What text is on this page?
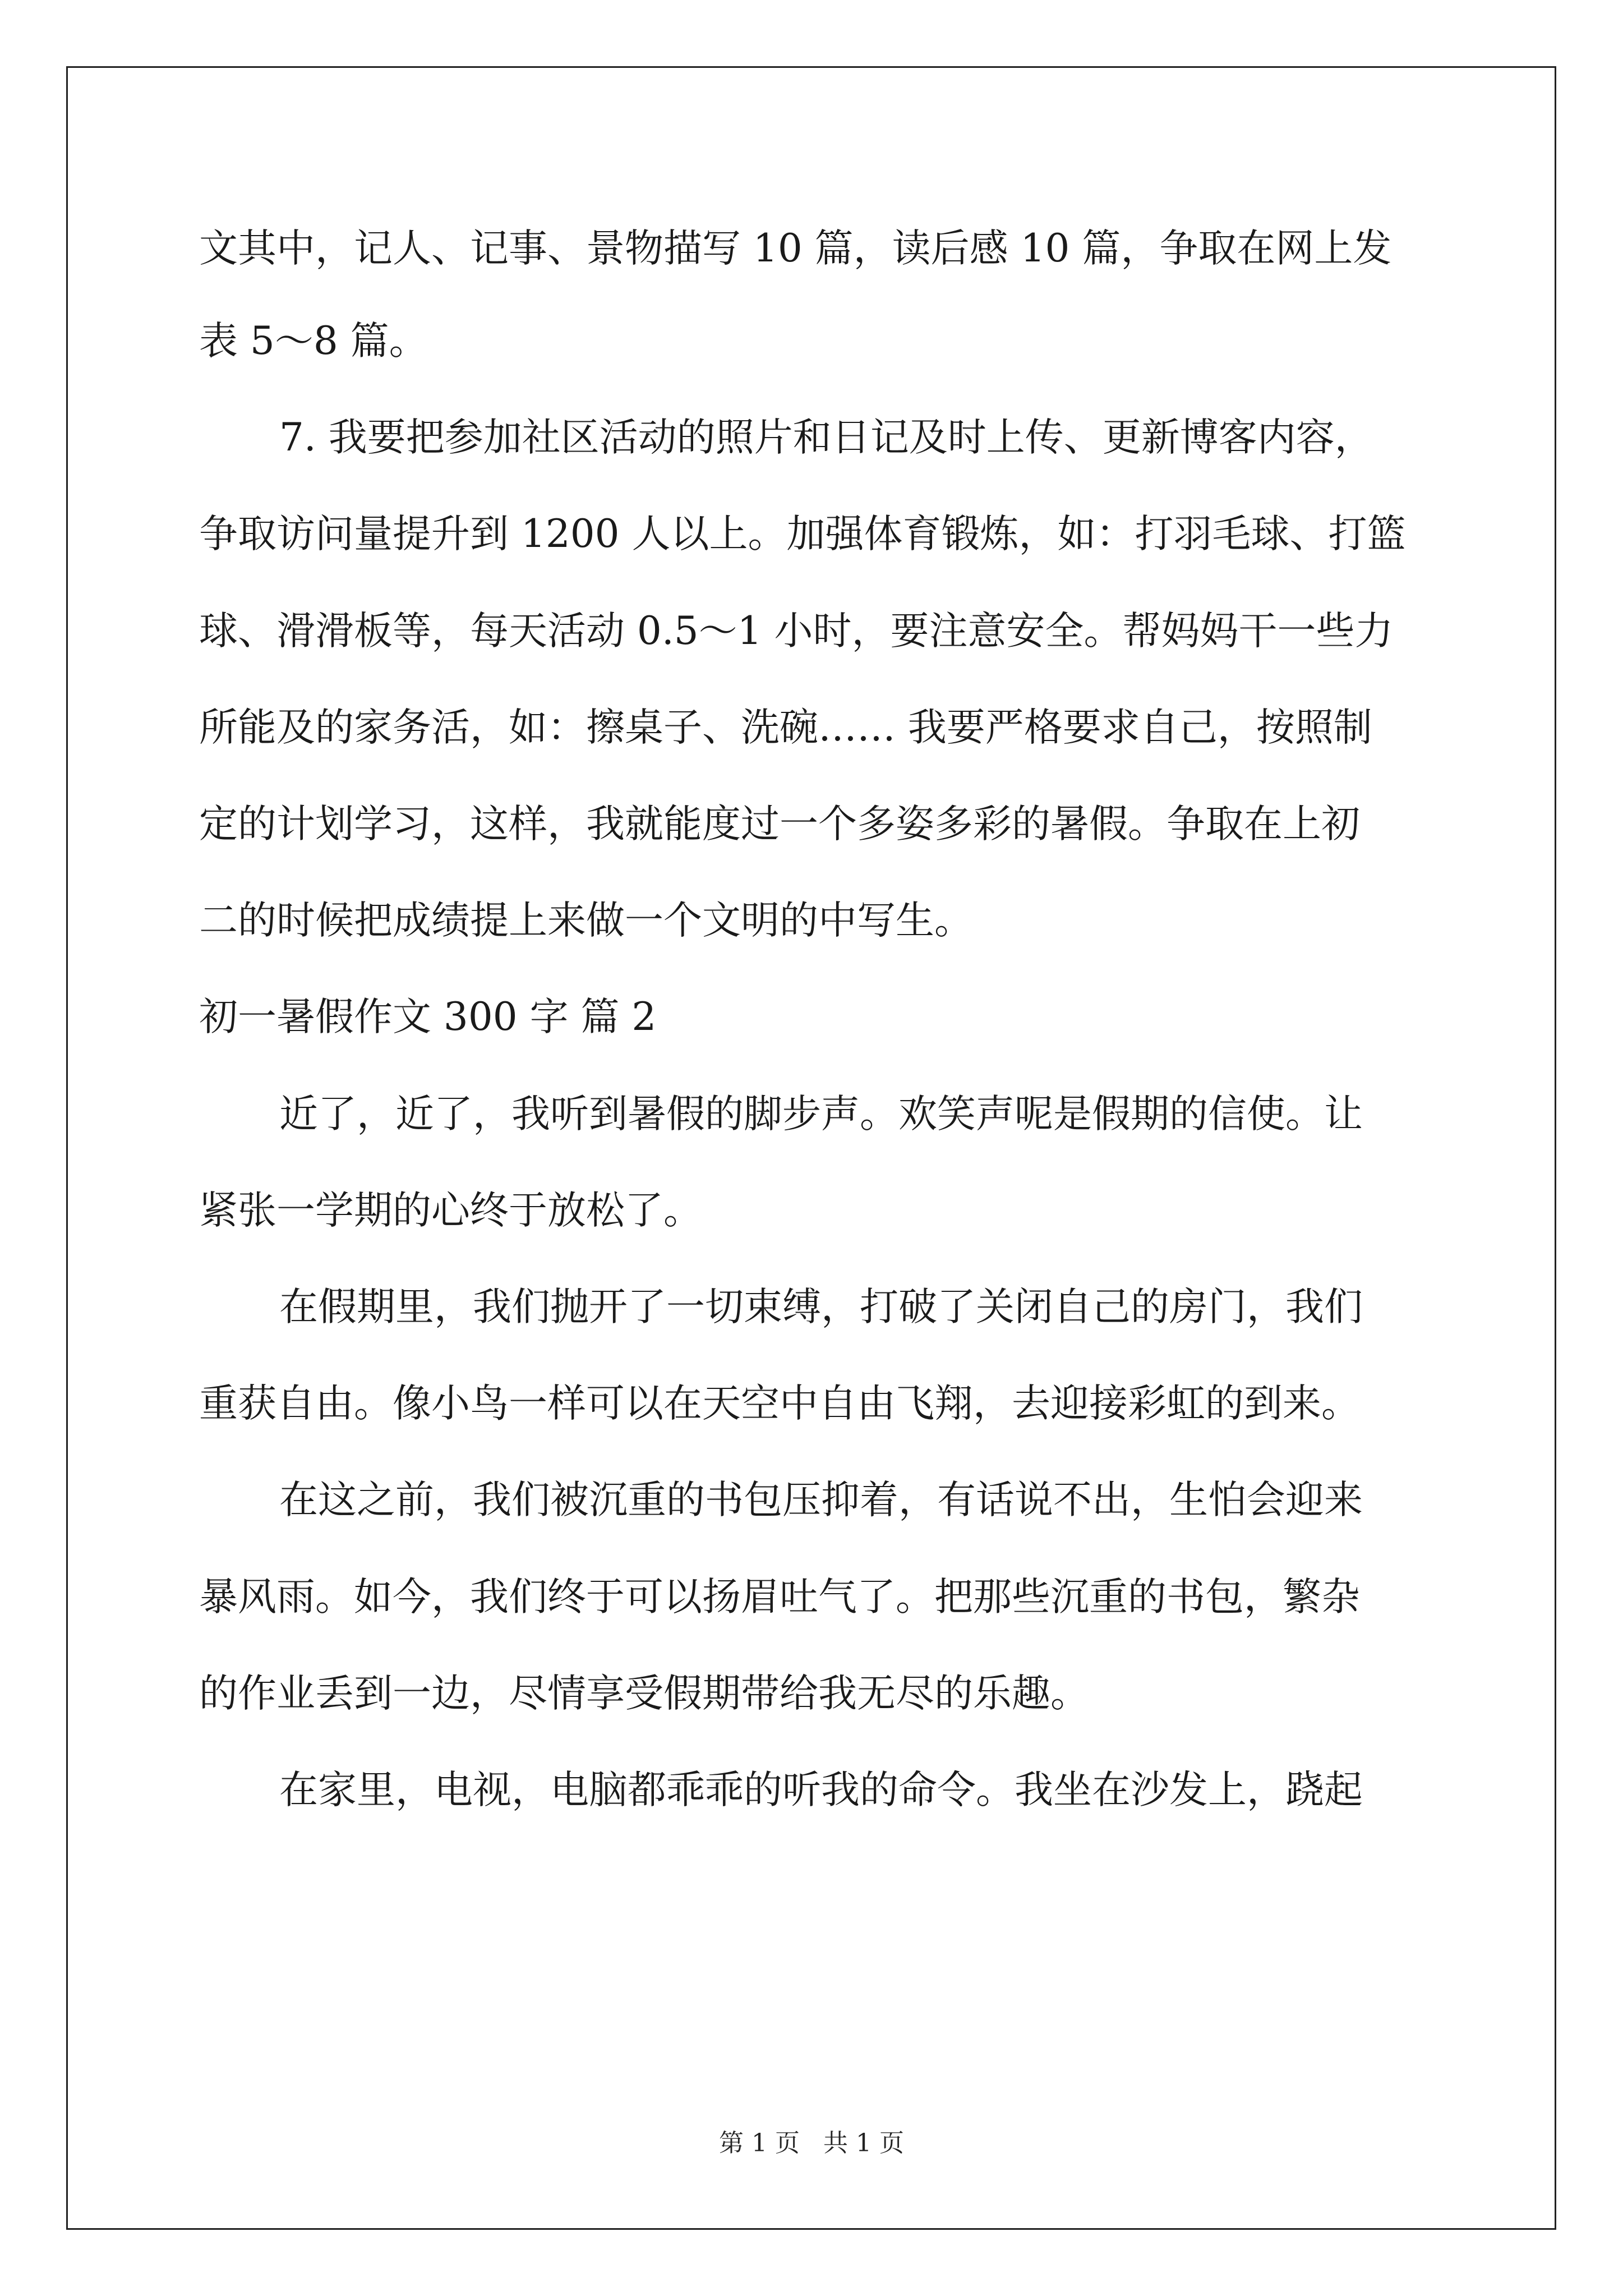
文其中，记人、记事、景物描写 10 篇，读后感 10 篇，争取在网上发

表 5～8 篇。

7. 我要把参加社区活动的照片和日记及时上传、更新博客内容，

争取访问量提升到 1200 人以上。加强体育锻炼，如：打羽毛球、打篮

球、滑滑板等，每天活动 0.5～1 小时，要注意安全。帮妈妈干一些力

所能及的家务活，如：擦桌子、洗碗…… 我要严格要求自己，按照制

定的计划学习，这样，我就能度过一个多姿多彩的暑假。争取在上初

二的时候把成绩提上来做一个文明的中写生。

初一暑假作文 300 字 篇 2

近了，近了，我听到暑假的脚步声。欢笑声呢是假期的信使。让

紧张一学期的心终于放松了。

在假期里，我们抛开了一切束缚，打破了关闭自己的房门，我们

重获自由。像小鸟一样可以在天空中自由飞翔，去迎接彩虹的到来。

在这之前，我们被沉重的书包压抑着，有话说不出，生怕会迎来

暴风雨。如今，我们终于可以扬眉吐气了。把那些沉重的书包，繁杂

的作业丢到一边，尽情享受假期带给我无尽的乐趣。

在家里，电视，电脑都乖乖的听我的命令。我坐在沙发上，跷起

第 1 页   共 1 页
